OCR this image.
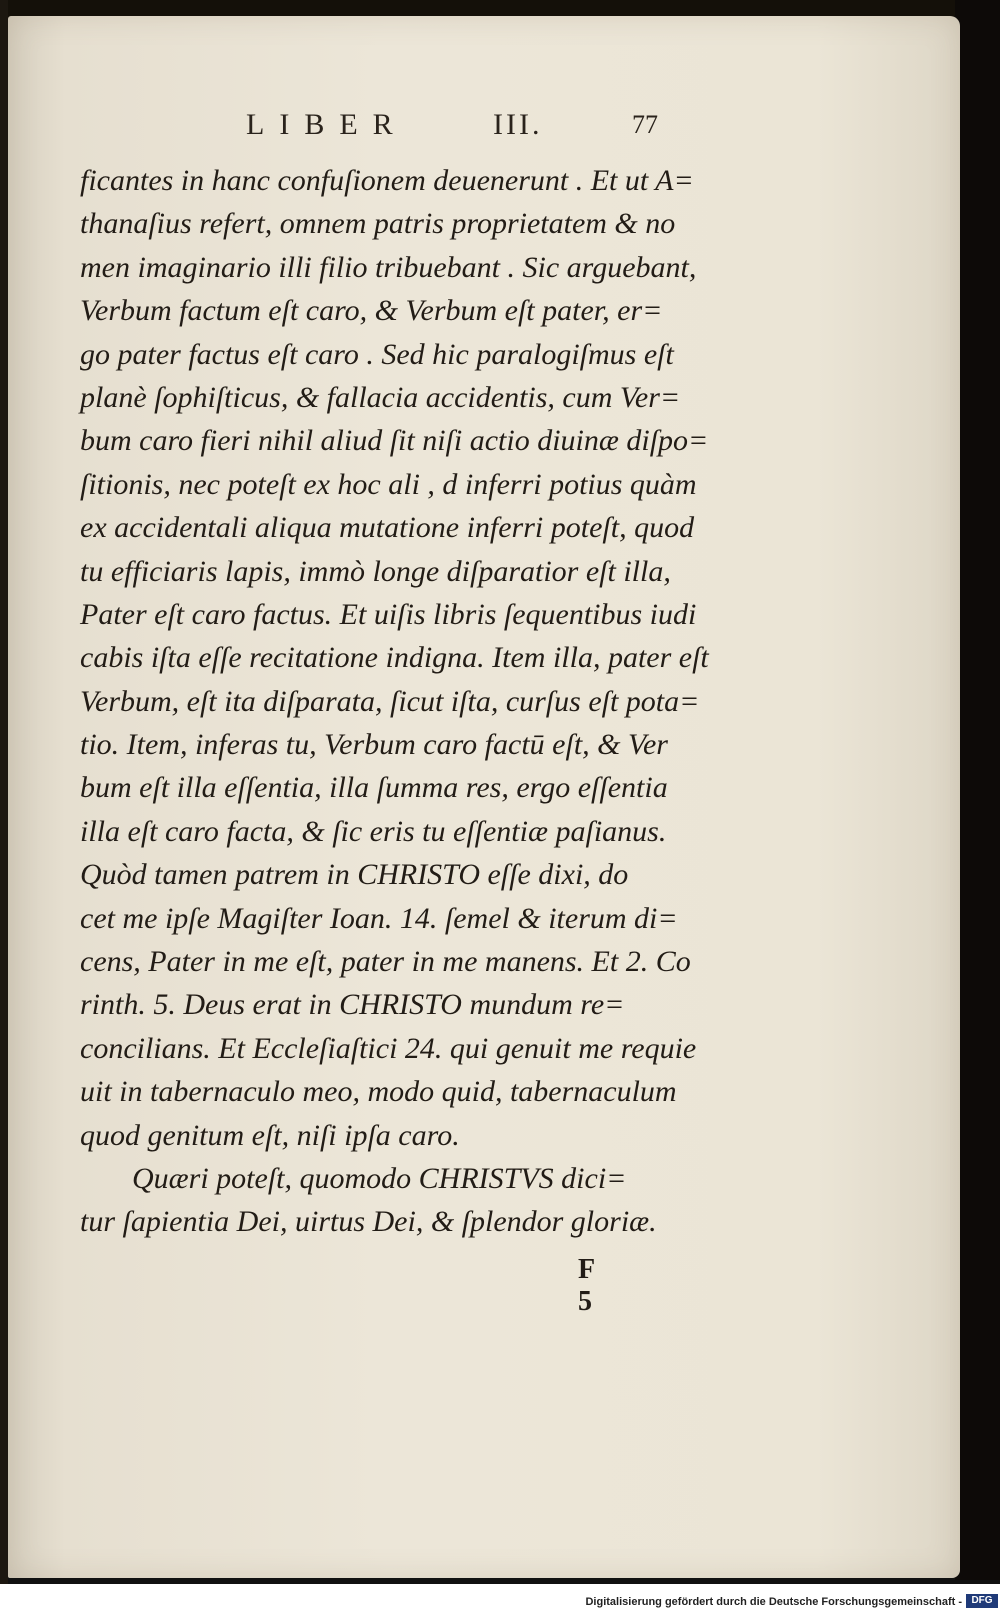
LIBER	III.	77
ficantes in hanc confuſionem deuenerunt . Et ut A=
thanaſius refert, omnem patris proprietatem & no
men imaginario illi filio tribuebant . Sic arguebant,
Verbum factum eſt caro, & Verbum eſt pater, er=
go pater factus eſt caro . Sed hic paralogiſmus eſt
planè ſophiſticus, & fallacia accidentis, cum Ver=
bum caro fieri nihil aliud ſit niſi actio diuinæ diſpo=
ſitionis, nec poteſt ex hoc ali , d inferri potius quàm
ex accidentali aliqua mutatione inferri poteſt, quod
tu efficiaris lapis, immò longe diſparatior eſt illa,
Pater eſt caro factus. Et uiſis libris ſequentibus iudi
cabis iſta eſſe recitatione indigna. Item illa, pater eſt
Verbum, eſt ita diſparata, ſicut iſta, curſus eſt pota=
tio. Item, inferas tu, Verbum caro factū eſt, & Ver
bum eſt illa eſſentia, illa ſumma res, ergo eſſentia
illa eſt caro facta, & ſic eris tu eſſentiæ paſianus.
Quòd tamen patrem in CHRISTO eſſe dixi, do
cet me ipſe Magiſter Ioan. 14. ſemel & iterum di=
cens, Pater in me eſt, pater in me manens. Et 2. Co
rinth. 5. Deus erat in CHRISTO mundum re=
concilians. Et Eccleſiaſtici 24. qui genuit me requie
uit in tabernaculo meo, modo quid, tabernaculum
quod genitum eſt, niſi ipſa caro.
Quæri poteſt, quomodo CHRISTVS dici=
tur ſapientia Dei, uirtus Dei, & ſplendor gloriæ.
F 5
Digitalisierung gefördert durch die Deutsche Forschungsgemeinschaft - DFG
